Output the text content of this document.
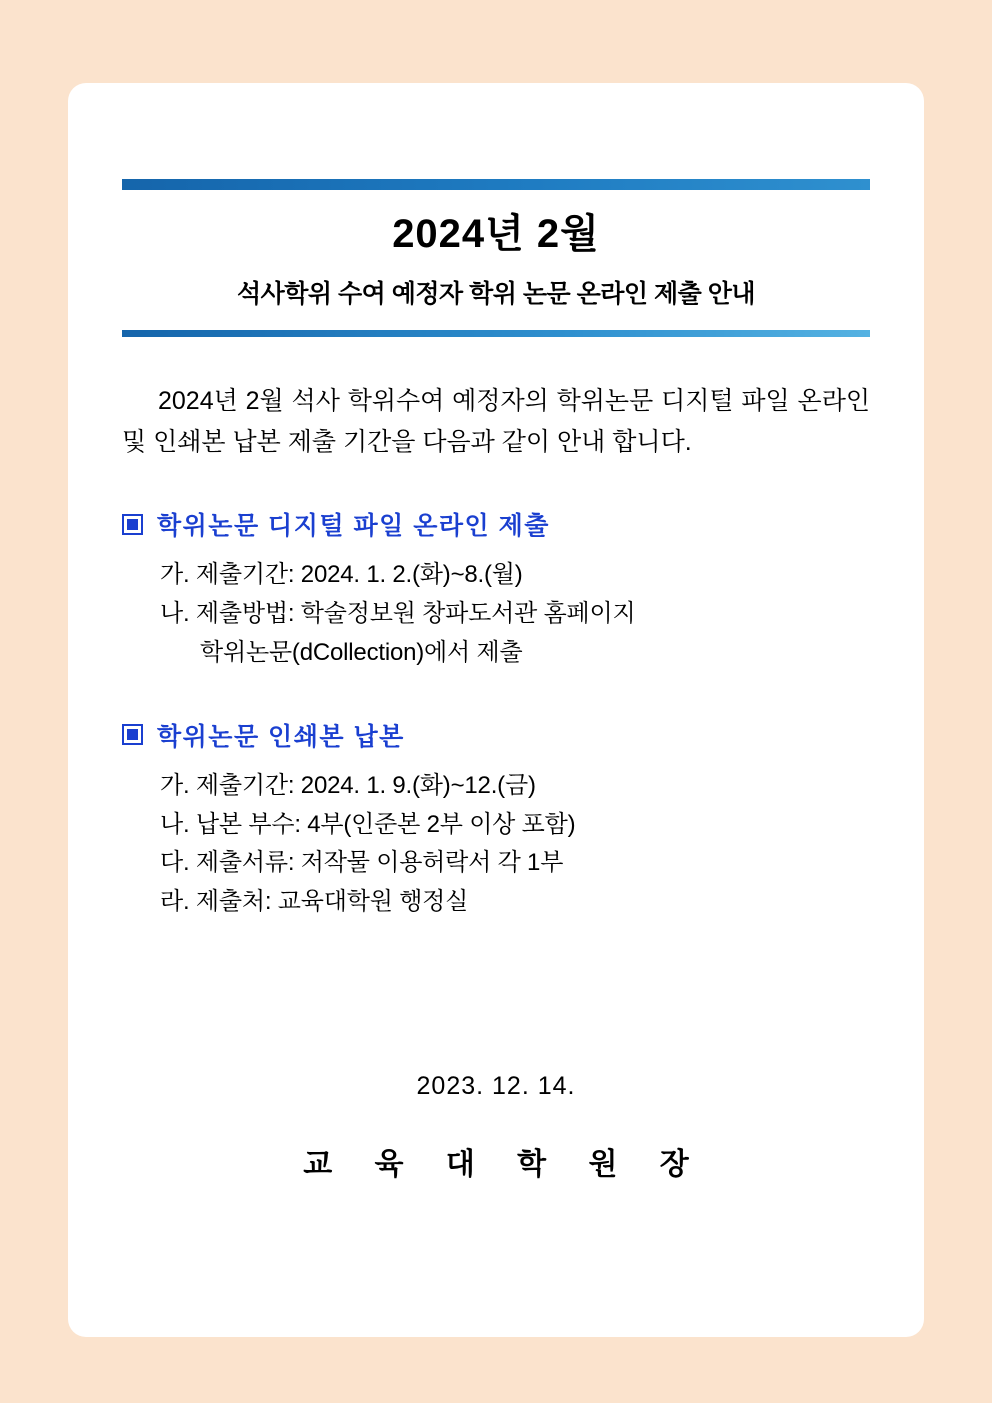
2024년 2월
석사학위 수여 예정자 학위 논문 온라인 제출 안내

2024년 2월 석사 학위수여 예정자의 학위논문 디지털 파일 온라인 및 인쇄본 납본 제출 기간을 다음과 같이 안내 합니다.

학위논문 디지털 파일 온라인 제출
가. 제출기간: 2024. 1. 2.(화)~8.(월)
나. 제출방법: 학술정보원 창파도서관 홈페이지
학위논문(dCollection)에서 제출
학위논문 인쇄본 납본
가. 제출기간: 2024. 1. 9.(화)~12.(금)
나. 납본 부수: 4부(인준본 2부 이상 포함)
다. 제출서류: 저작물 이용허락서 각 1부
라. 제출처: 교육대학원 행정실
2023. 12. 14.
교 육 대 학 원 장
